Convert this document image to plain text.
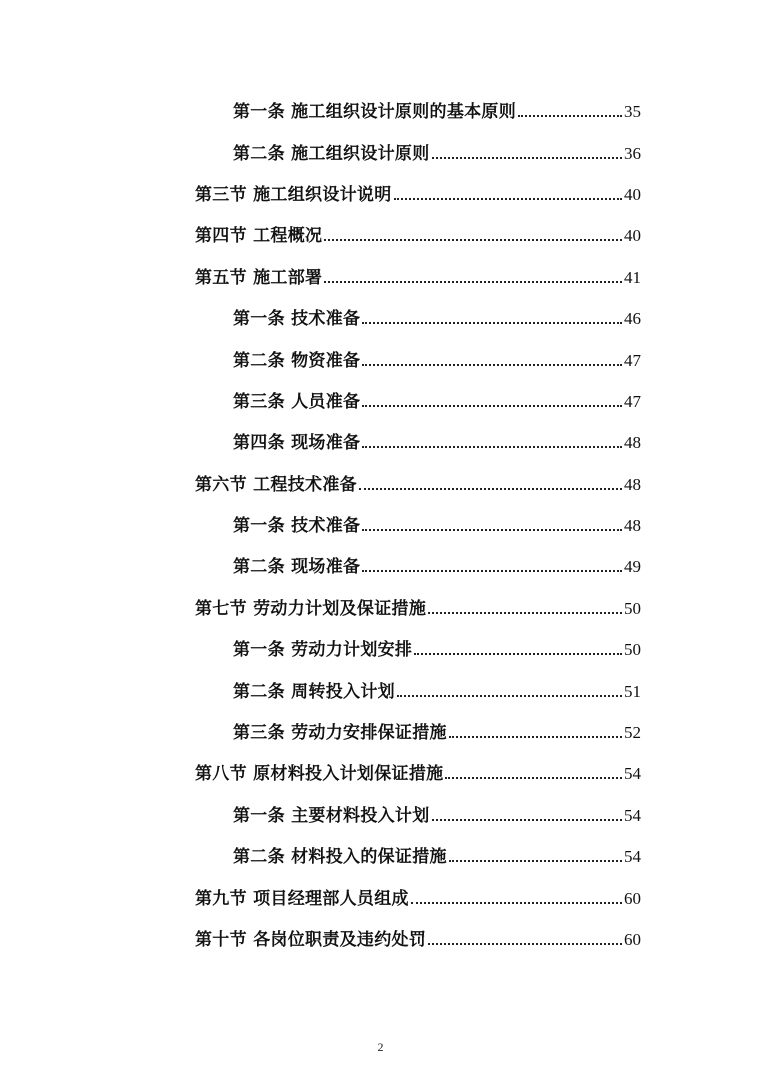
第一条 施工组织设计原则的基本原则	35
第二条 施工组织设计原则	36
第三节 施工组织设计说明	40
第四节 工程概况	40
第五节 施工部署	41
第一条 技术准备	46
第二条 物资准备	47
第三条 人员准备	47
第四条 现场准备	48
第六节 工程技术准备	48
第一条 技术准备	48
第二条 现场准备	49
第七节 劳动力计划及保证措施	50
第一条 劳动力计划安排	50
第二条 周转投入计划	51
第三条 劳动力安排保证措施	52
第八节 原材料投入计划保证措施	54
第一条 主要材料投入计划	54
第二条 材料投入的保证措施	54
第九节 项目经理部人员组成	60
第十节 各岗位职责及违约处罚	60
2
